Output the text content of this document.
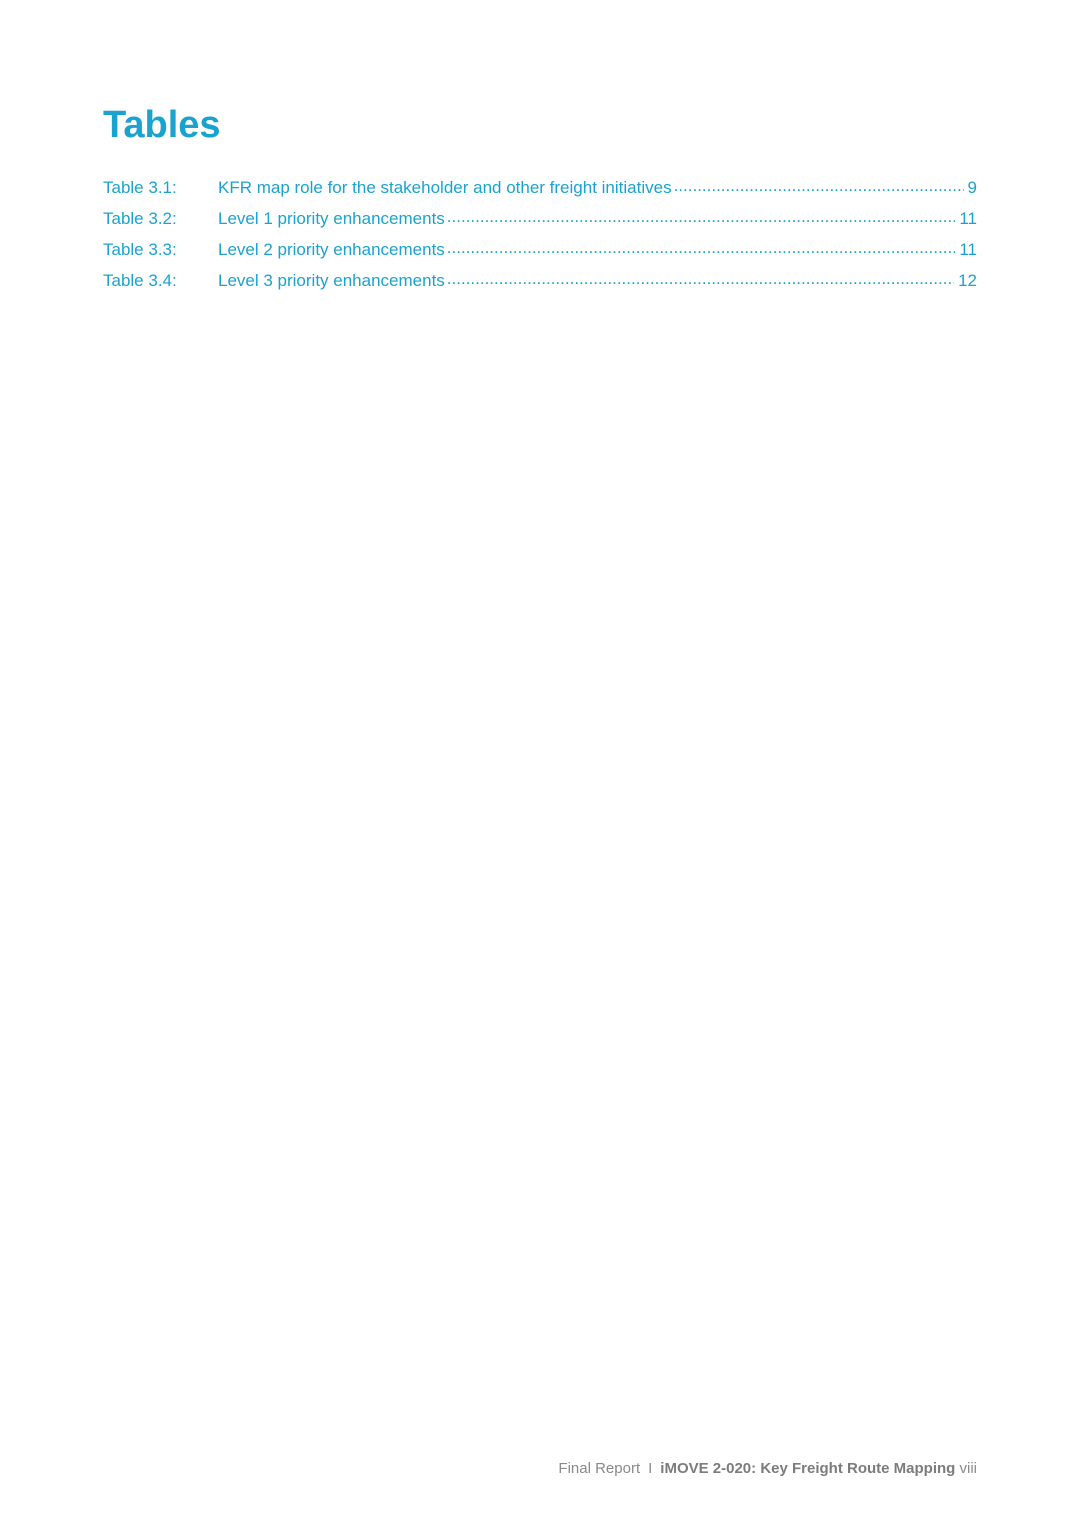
Tables
Table 3.1:	KFR map role for the stakeholder and other freight initiatives .....	9
Table 3.2:	Level 1 priority enhancements .....	11
Table 3.3:	Level 2 priority enhancements .....	11
Table 3.4:	Level 3 priority enhancements .....	12
Final Report I iMOVE 2-020: Key Freight Route Mapping viii
